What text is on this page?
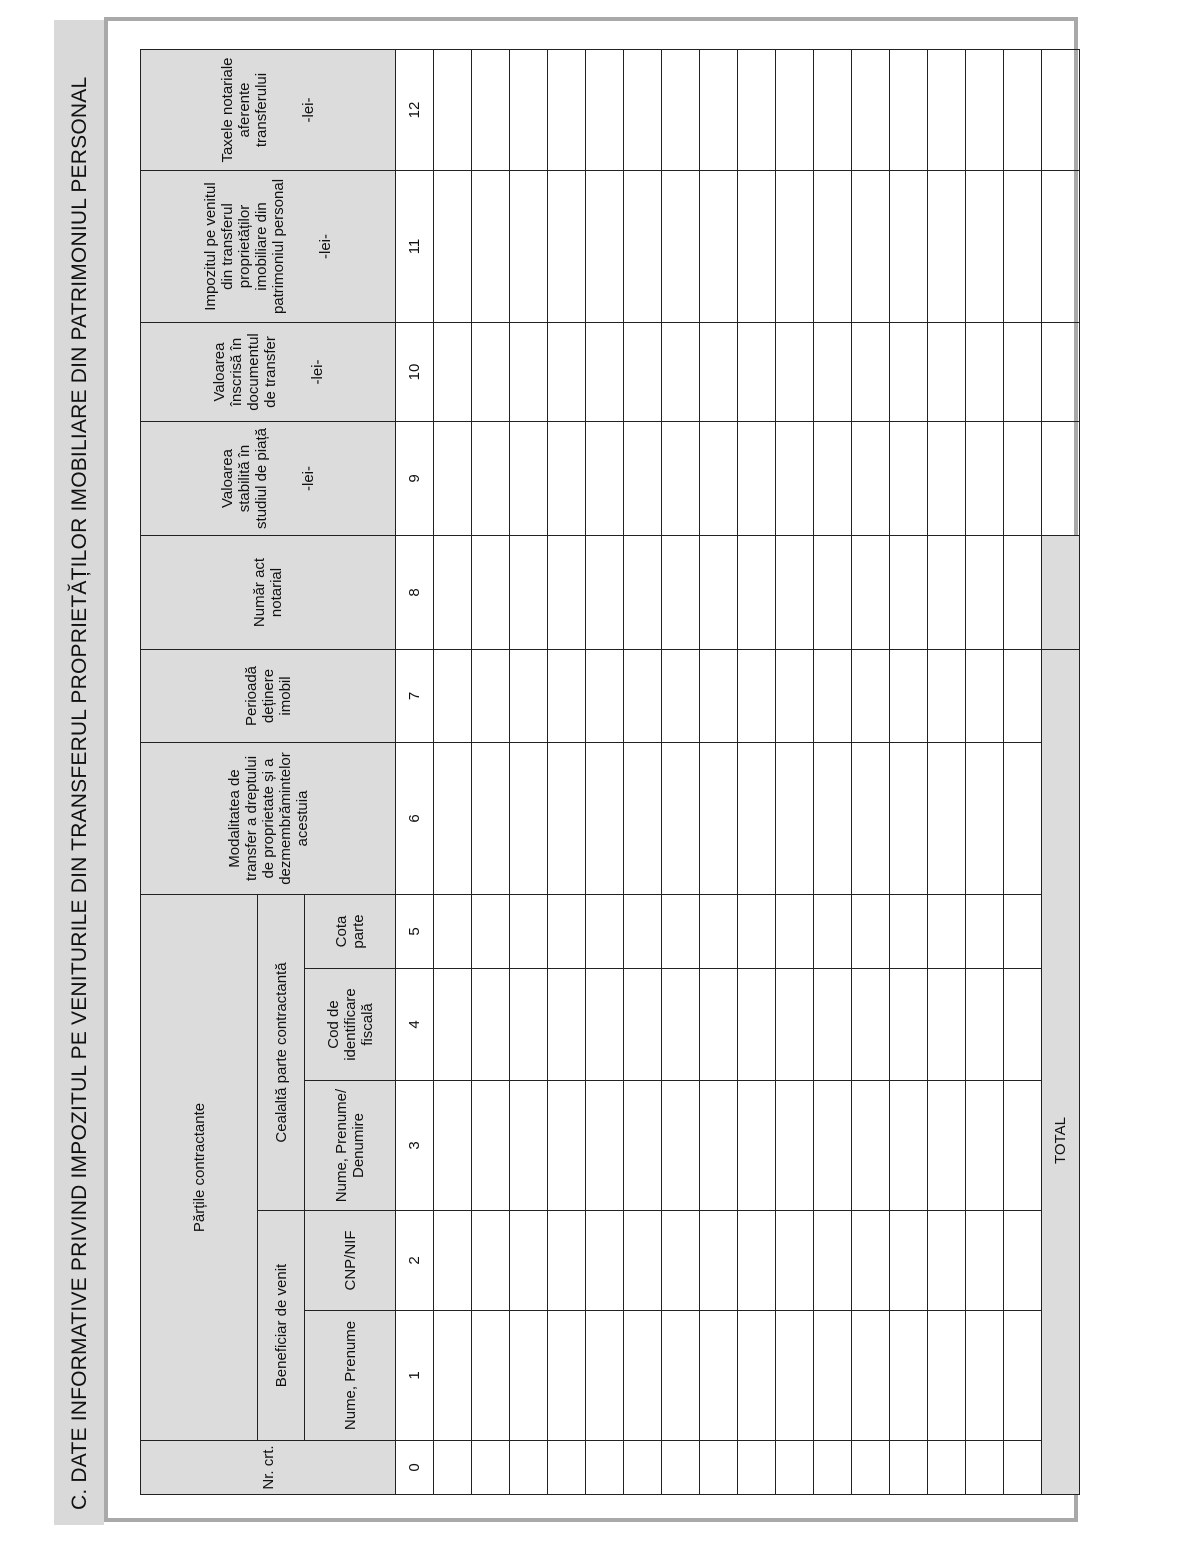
C. DATE INFORMATIVE PRIVIND IMPOZITUL PE VENITURILE DIN TRANSFERUL PROPRIETĂȚILOR IMOBILIARE DIN PATRIMONIUL PERSONAL	Nr. crt.	Părțile contractante					Modalitatea de transfer a dreptului de proprietate și a dezmembrămintelor acestuia	Perioadă deținere imobil	Număr act notarial	Valoarea stabilită în studiul de piață -lei-	Valoarea înscrisă în documentul de transfer -lei-	Impozitul pe venitul din transferul proprietăților imobiliare din patrimoniul personal -lei-	Taxele notariale aferente transferului -lei-

	Beneficiar de venit		Cealaltă parte contractantă									
	Nume, Prenume	CNP/NIF	Nume, Prenume/ Denumire	Cod de identificare fiscală	Cota parte							
0	1	2	3	4	5	6	7	8	9	10	11	12

TOTAL												
